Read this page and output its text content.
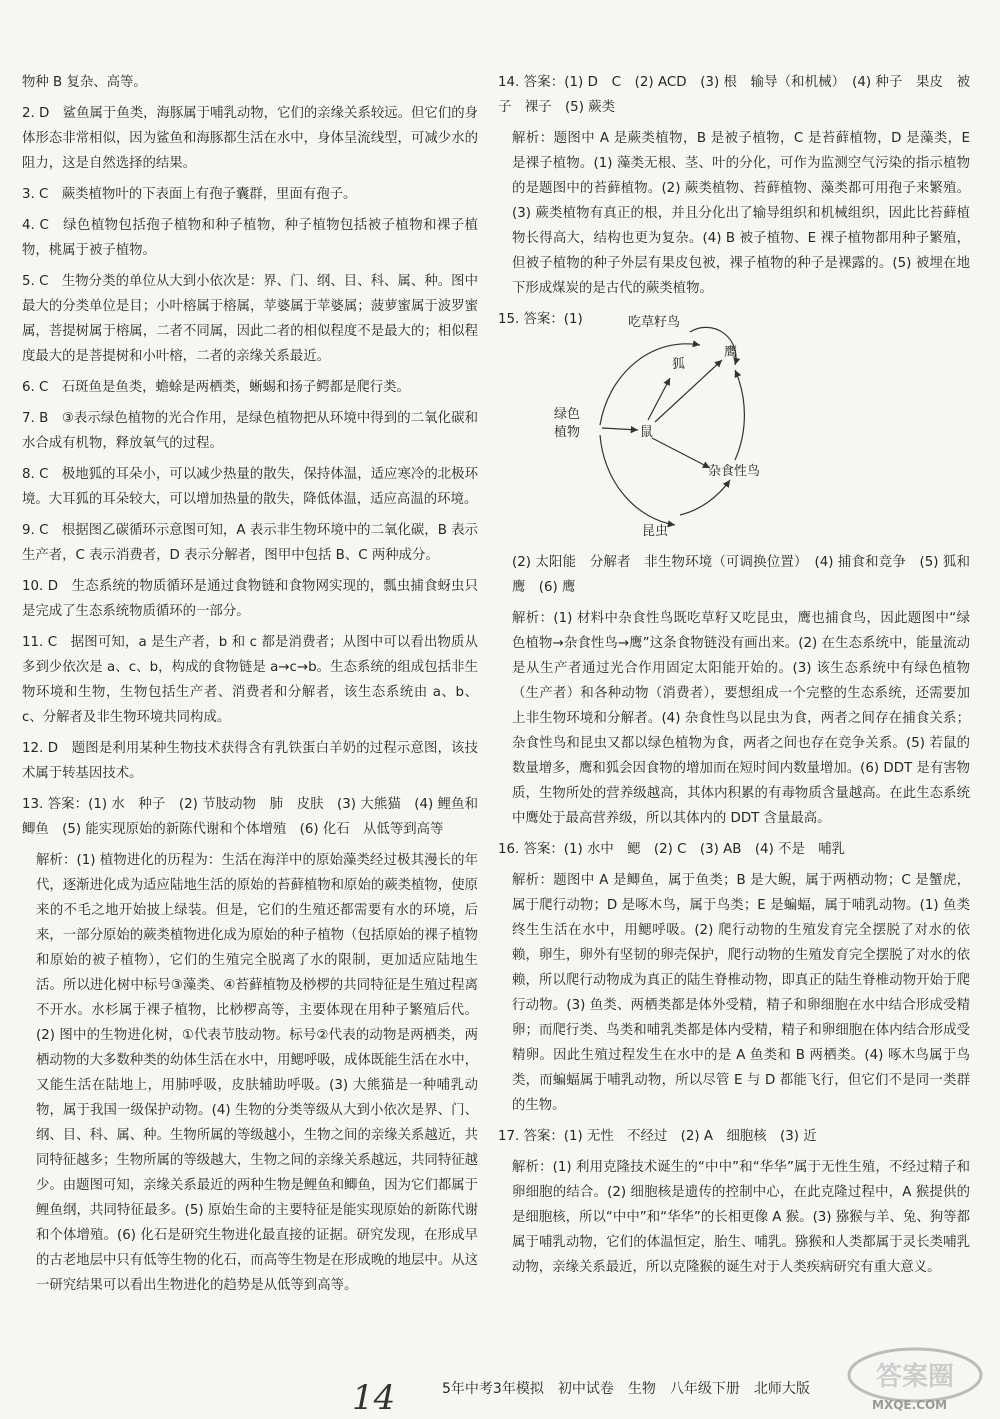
物种 B 复杂、高等。

2. D　鲨鱼属于鱼类，海豚属于哺乳动物，它们的亲缘关系较远。但它们的身体形态非常相似，因为鲨鱼和海豚都生活在水中，身体呈流线型，可减少水的阻力，这是自然选择的结果。

3. C　蕨类植物叶的下表面上有孢子囊群，里面有孢子。

4. C　绿色植物包括孢子植物和种子植物，种子植物包括被子植物和裸子植物，桃属于被子植物。

5. C　生物分类的单位从大到小依次是：界、门、纲、目、科、属、种。图中最大的分类单位是目；小叶榕属于榕属，苹婆属于苹婆属；菠萝蜜属于波罗蜜属，菩提树属于榕属，二者不同属，因此二者的相似程度不是最大的；相似程度最大的是菩提树和小叶榕，二者的亲缘关系最近。

6. C　石斑鱼是鱼类，蟾蜍是两栖类，蜥蜴和扬子鳄都是爬行类。

7. B　③表示绿色植物的光合作用，是绿色植物把从环境中得到的二氧化碳和水合成有机物，释放氧气的过程。

8. C　极地狐的耳朵小，可以减少热量的散失，保持体温，适应寒冷的北极环境。大耳狐的耳朵较大，可以增加热量的散失，降低体温，适应高温的环境。

9. C　根据图乙碳循环示意图可知，A 表示非生物环境中的二氧化碳，B 表示生产者，C 表示消费者，D 表示分解者，图甲中包括 B、C 两种成分。

10. D　生态系统的物质循环是通过食物链和食物网实现的，瓢虫捕食蚜虫只是完成了生态系统物质循环的一部分。

11. C　据图可知，a 是生产者，b 和 c 都是消费者；从图中可以看出物质从多到少依次是 a、c、b，构成的食物链是 a→c→b。生态系统的组成包括非生物环境和生物，生物包括生产者、消费者和分解者，该生态系统由 a、b、c、分解者及非生物环境共同构成。

12. D　题图是利用某种生物技术获得含有乳铁蛋白羊奶的过程示意图，该技术属于转基因技术。

13. 答案：(1) 水　种子　(2) 节肢动物　肺　皮肤　(3) 大熊猫　(4) 鲤鱼和鲫鱼　(5) 能实现原始的新陈代谢和个体增殖　(6) 化石　从低等到高等

解析：(1) 植物进化的历程为：生活在海洋中的原始藻类经过极其漫长的年代，逐渐进化成为适应陆地生活的原始的苔藓植物和原始的蕨类植物，使原来的不毛之地开始披上绿装。但是，它们的生殖还都需要有水的环境，后来，一部分原始的蕨类植物进化成为原始的种子植物（包括原始的裸子植物和原始的被子植物），它们的生殖完全脱离了水的限制，更加适应陆地生活。所以进化树中标号③藻类、④苔藓植物及桫椤的共同特征是生殖过程离不开水。水杉属于裸子植物，比桫椤高等，主要体现在用种子繁殖后代。(2) 图中的生物进化树，①代表节肢动物。标号②代表的动物是两栖类，两栖动物的大多数种类的幼体生活在水中，用鳃呼吸，成体既能生活在水中，又能生活在陆地上，用肺呼吸，皮肤辅助呼吸。(3) 大熊猫是一种哺乳动物，属于我国一级保护动物。(4) 生物的分类等级从大到小依次是界、门、纲、目、科、属、种。生物所属的等级越小，生物之间的亲缘关系越近，共同特征越多；生物所属的等级越大，生物之间的亲缘关系越远，共同特征越少。由题图可知，亲缘关系最近的两种生物是鲤鱼和鲫鱼，因为它们都属于鲤鱼纲，共同特征最多。(5) 原始生命的主要特征是能实现原始的新陈代谢和个体增殖。(6) 化石是研究生物进化最直接的证据。研究发现，在形成早的古老地层中只有低等生物的化石，而高等生物是在形成晚的地层中。从这一研究结果可以看出生物进化的趋势是从低等到高等。

14. 答案：(1) D　C　(2) ACD　(3) 根　输导（和机械）　(4) 种子　果皮　被子　裸子　(5) 蕨类

解析：题图中 A 是蕨类植物，B 是被子植物，C 是苔藓植物，D 是藻类，E 是裸子植物。(1) 藻类无根、茎、叶的分化，可作为监测空气污染的指示植物的是题图中的苔藓植物。(2) 蕨类植物、苔藓植物、藻类都可用孢子来繁殖。(3) 蕨类植物有真正的根，并且分化出了输导组织和机械组织，因此比苔藓植物长得高大，结构也更为复杂。(4) B 被子植物、E 裸子植物都用种子繁殖，但被子植物的种子外层有果皮包被，裸子植物的种子是裸露的。(5) 被埋在地下形成煤炭的是古代的蕨类植物。

15. 答案：(1)

(2) 太阳能　分解者　非生物环境（可调换位置）　(4) 捕食和竞争　(5) 狐和鹰　(6) 鹰

解析：(1) 材料中杂食性鸟既吃草籽又吃昆虫，鹰也捕食鸟，因此题图中“绿色植物→杂食性鸟→鹰”这条食物链没有画出来。(2) 在生态系统中，能量流动是从生产者通过光合作用固定太阳能开始的。(3) 该生态系统中有绿色植物（生产者）和各种动物（消费者），要想组成一个完整的生态系统，还需要加上非生物环境和分解者。(4) 杂食性鸟以昆虫为食，两者之间存在捕食关系；杂食性鸟和昆虫又都以绿色植物为食，两者之间也存在竞争关系。(5) 若鼠的数量增多，鹰和狐会因食物的增加而在短时间内数量增加。(6) DDT 是有害物质，生物所处的营养级越高，其体内积累的有毒物质含量越高。在此生态系统中鹰处于最高营养级，所以其体内的 DDT 含量最高。

16. 答案：(1) 水中　鳃　(2) C　(3) AB　(4) 不是　哺乳

解析：题图中 A 是鲫鱼，属于鱼类；B 是大鲵，属于两栖动物；C 是蟹虎，属于爬行动物；D 是啄木鸟，属于鸟类；E 是蝙蝠，属于哺乳动物。(1) 鱼类终生生活在水中，用鳃呼吸。(2) 爬行动物的生殖发育完全摆脱了对水的依赖，卵生，卵外有坚韧的卵壳保护，爬行动物的生殖发育完全摆脱了对水的依赖，所以爬行动物成为真正的陆生脊椎动物，即真正的陆生脊椎动物开始于爬行动物。(3) 鱼类、两栖类都是体外受精，精子和卵细胞在水中结合形成受精卵；而爬行类、鸟类和哺乳类都是体内受精，精子和卵细胞在体内结合形成受精卵。因此生殖过程发生在水中的是 A 鱼类和 B 两栖类。(4) 啄木鸟属于鸟类，而蝙蝠属于哺乳动物，所以尽管 E 与 D 都能飞行，但它们不是同一类群的生物。

17. 答案：(1) 无性　不经过　(2) A　细胞核　(3) 近

解析：(1) 利用克隆技术诞生的“中中”和“华华”属于无性生殖，不经过精子和卵细胞的结合。(2) 细胞核是遗传的控制中心，在此克隆过程中，A 猴提供的是细胞核，所以“中中”和“华华”的长相更像 A 猴。(3) 猕猴与羊、兔、狗等都属于哺乳动物，它们的体温恒定，胎生、哺乳。猕猴和人类都属于灵长类哺乳动物，亲缘关系最近，所以克隆猴的诞生对于人类疾病研究有重大意义。

吃草籽鸟
狐
鹰
绿色
植物	鼠
杂食性鸟
昆虫
14	5年中考3年模拟　初中试卷　生物　八年级下册　北师大版	答案圈
MXQE.COM
